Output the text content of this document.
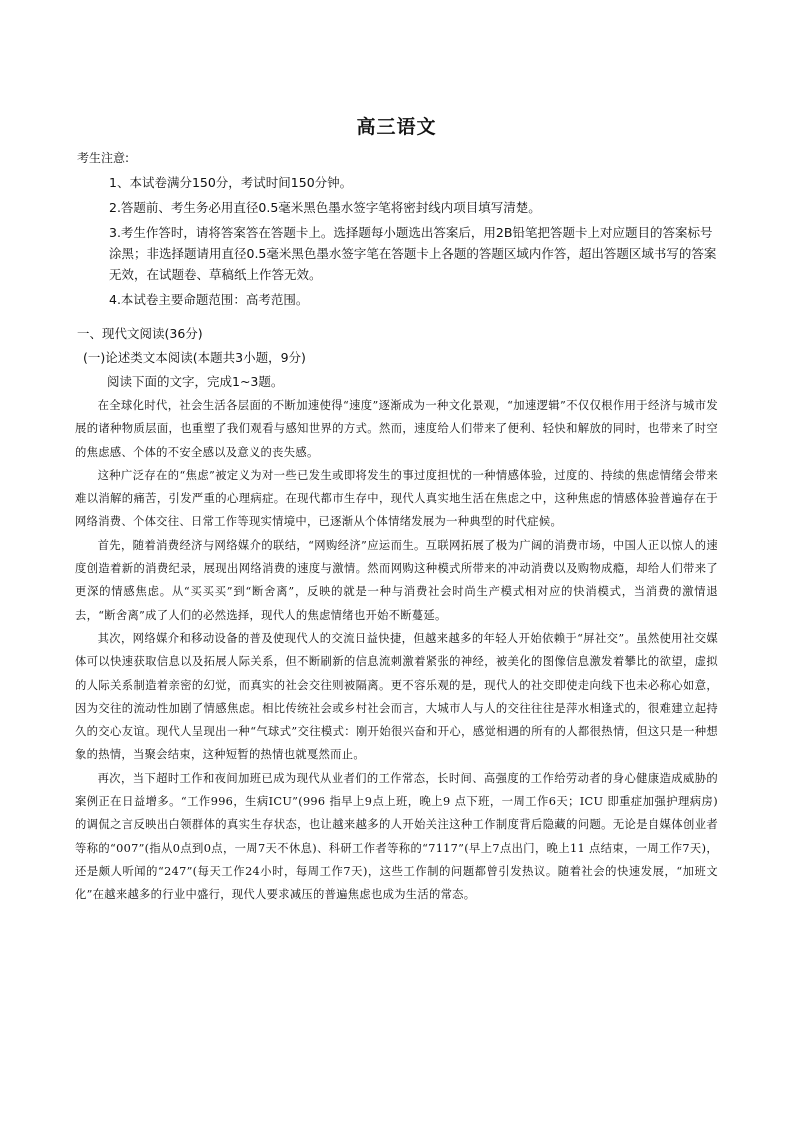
高三语文
考生注意:
1、本试卷满分150分，考试时间150分钟。
2.答题前、考生务必用直径0.5毫米黑色墨水签字笔将密封线内项目填写清楚。
3.考生作答时，请将答案答在答题卡上。选择题每小题选出答案后，用2B铅笔把答题卡上对应题目的答案标号涂黑；非选择题请用直径0.5毫米黑色墨水签字笔在答题卡上各题的答题区域内作答，超出答题区域书写的答案无效，在试题卷、草稿纸上作答无效。
4.本试卷主要命题范围：高考范围。
一、现代文阅读(36分)
(一)论述类文本阅读(本题共3小题，9分)
阅读下面的文字，完成1~3题。

在全球化时代，社会生活各层面的不断加速使得“速度”逐渐成为一种文化景观，“加速逻辑”不仅仅根作用于经济与城市发展的诸种物质层面，也重塑了我们观看与感知世界的方式。然而，速度给人们带来了便利、轻快和解放的同时，也带来了时空的焦虑感、个体的不安全感以及意义的丧失感。

这种广泛存在的“焦虑”被定义为对一些已发生或即将发生的事过度担忧的一种情感体验，过度的、持续的焦虑情绪会带来难以消解的痛苦，引发严重的心理病症。在现代都市生存中，现代人真实地生活在焦虑之中，这种焦虑的情感体验普遍存在于网络消费、个体交往、日常工作等现实情境中，已逐渐从个体情绪发展为一种典型的时代症候。

首先，随着消费经济与网络媒介的联结，“网购经济”应运而生。互联网拓展了极为广阔的消费市场，中国人正以惊人的速度创造着新的消费纪录，展现出网络消费的速度与激情。然而网购这种模式所带来的冲动消费以及购物成瘾，却给人们带来了更深的情感焦虑。从“买买买”到“断舍离”，反映的就是一种与消费社会时尚生产模式相对应的快消模式，当消费的激情退去，“断舍离”成了人们的必然选择，现代人的焦虑情绪也开始不断蔓延。

其次，网络媒介和移动设备的普及使现代人的交流日益快捷，但越来越多的年轻人开始依赖于“屏社交”。虽然使用社交媒体可以快速获取信息以及拓展人际关系，但不断刷新的信息流刺激着紧张的神经，被美化的图像信息激发着攀比的欲望，虚拟的人际关系制造着亲密的幻觉，而真实的社会交往则被隔离。更不容乐观的是，现代人的社交即使走向线下也未必称心如意，因为交往的流动性加剧了情感焦虑。相比传统社会或乡村社会而言，大城市人与人的交往往往是萍水相逢式的，很难建立起持久的交心友谊。现代人呈现出一种“气球式”交往模式：刚开始很兴奋和开心，感觉相遇的所有的人都很热情，但这只是一种想象的热情，当聚会结束，这种短暂的热情也就戛然而止。

再次，当下超时工作和夜间加班已成为现代从业者们的工作常态，长时间、高强度的工作给劳动者的身心健康造成威胁的案例正在日益增多。“工作996，生病ICU”(996 指早上9点上班，晚上9 点下班，一周工作6天；ICU 即重症加强护理病房)的调侃之言反映出白领群体的真实生存状态，也让越来越多的人开始关注这种工作制度背后隐藏的问题。无论是自媒体创业者等称的“007”(指从0点到0点，一周7天不休息)、科研工作者等称的“7117”(早上7点出门，晚上11 点结束，一周工作7天)，还是颇人听闻的“247”(每天工作24小时，每周工作7天)，这些工作制的问题都曾引发热议。随着社会的快速发展，“加班文化”在越来越多的行业中盛行，现代人要求减压的普遍焦虑也成为生活的常态。
